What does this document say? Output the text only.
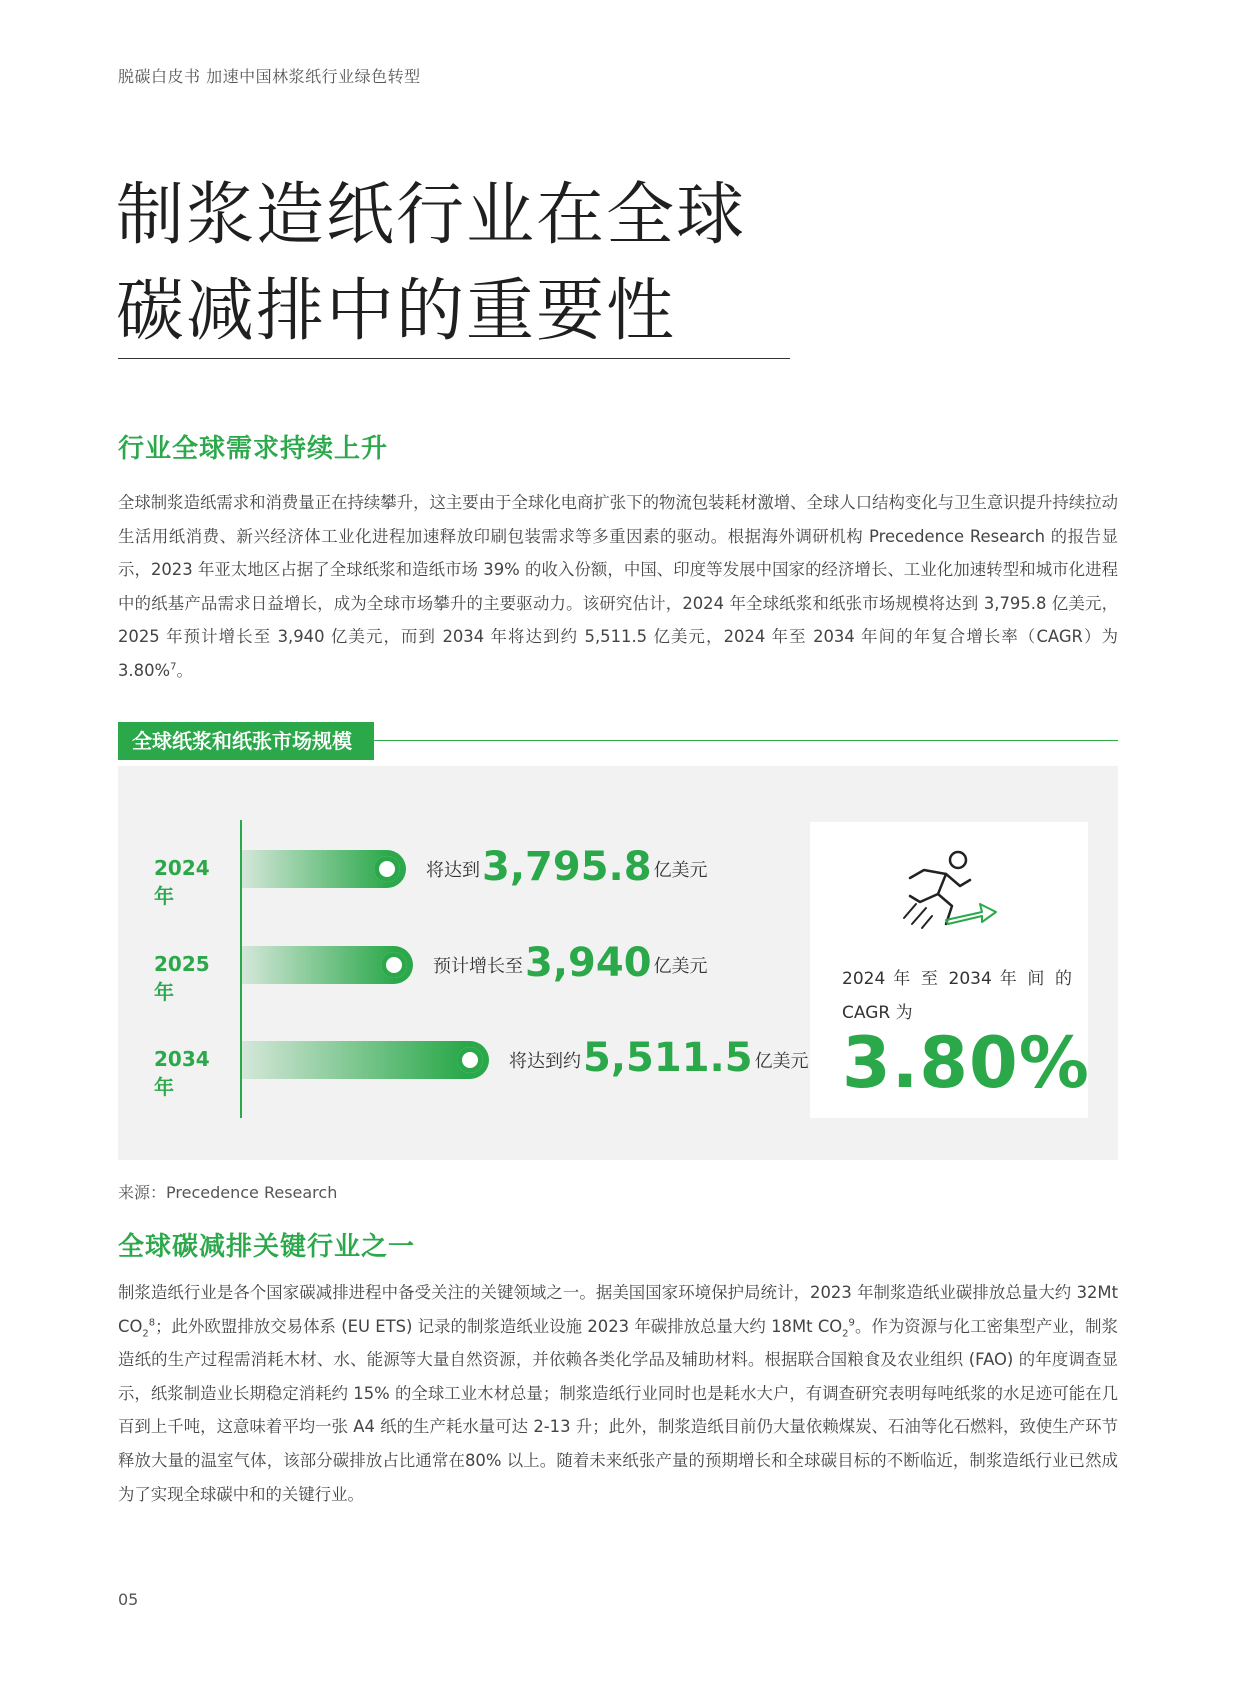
脱碳白皮书 加速中国林浆纸行业绿色转型
制浆造纸行业在全球
碳减排中的重要性
行业全球需求持续上升

全球制浆造纸需求和消费量正在持续攀升，这主要由于全球化电商扩张下的物流包装耗材激增、全球人口结构变化与卫生意识提升持续拉动生活用纸消费、新兴经济体工业化进程加速释放印刷包装需求等多重因素的驱动。根据海外调研机构 Precedence Research 的报告显示，2023 年亚太地区占据了全球纸浆和造纸市场 39% 的收入份额，中国、印度等发展中国家的经济增长、工业化加速转型和城市化进程中的纸基产品需求日益增长，成为全球市场攀升的主要驱动力。该研究估计，2024 年全球纸浆和纸张市场规模将达到 3,795.8 亿美元，2025 年预计增长至 3,940 亿美元，而到 2034 年将达到约 5,511.5 亿美元，2024 年至 2034 年间的年复合增长率（CAGR）为 3.80%$^7$。

全球纸浆和纸张市场规模
2024 年
将达到3,795.8 亿美元
2025 年
预计增长至3,940 亿美元
2034 年
将达到约5,511.5 亿美元
2024 年 至 2034 年 间 的 CAGR 为
3.80%
来源：Precedence Research
全球碳减排关键行业之一

制浆造纸行业是各个国家碳减排进程中备受关注的关键领域之一。据美国国家环境保护局统计，2023 年制浆造纸业碳排放总量大约 32Mt $CO_2^8$；此外欧盟排放交易体系 (EU ETS) 记录的制浆造纸业设施 2023 年碳排放总量大约 18Mt $CO_2^9$。作为资源与化工密集型产业，制浆造纸的生产过程需消耗木材、水、能源等大量自然资源，并依赖各类化学品及辅助材料。根据联合国粮食及农业组织 (FAO) 的年度调查显示，纸浆制造业长期稳定消耗约 15% 的全球工业木材总量；制浆造纸行业同时也是耗水大户，有调查研究表明每吨纸浆的水足迹可能在几百到上千吨，这意味着平均一张 A4 纸的生产耗水量可达 2-13 升；此外，制浆造纸目前仍大量依赖煤炭、石油等化石燃料，致使生产环节释放大量的温室气体，该部分碳排放占比通常在80% 以上。随着未来纸张产量的预期增长和全球碳目标的不断临近，制浆造纸行业已然成为了实现全球碳中和的关键行业。

05
